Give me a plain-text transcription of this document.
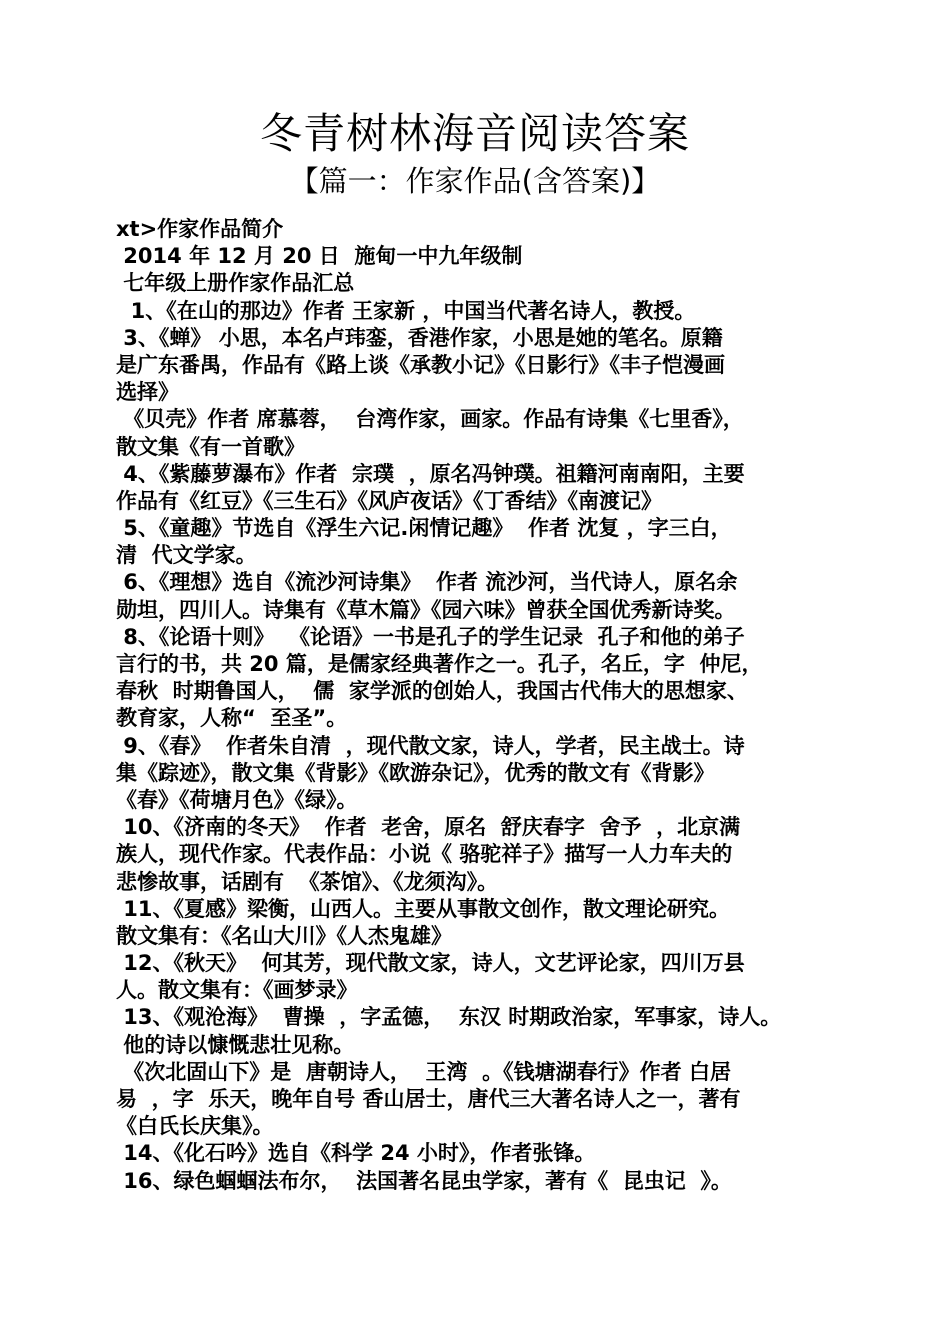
冬青树林海音阅读答案
【篇一：作家作品(含答案)】
xt>作家作品简介
2014 年 12 月 20 日  施甸一中九年级制
七年级上册作家作品汇总
1、《在山的那边》作者 王家新 ，中国当代著名诗人，教授。
3、《蝉》 小思，本名卢玮銮，香港作家，小思是她的笔名。原籍
是广东番禺，作品有《路上谈《承教小记》《日影行》《丰子恺漫画
选择》
《贝壳》作者 席慕蓉，  台湾作家，画家。作品有诗集《七里香》，
散文集《有一首歌》
4、《紫藤萝瀑布》作者  宗璞  ，原名冯钟璞。祖籍河南南阳，主要
作品有《红豆》《三生石》《风庐夜话》《丁香结》《南渡记》
5、《童趣》节选自《浮生六记.闲情记趣》  作者 沈复 ，字三白，
清  代文学家。
6、《理想》选自《流沙河诗集》  作者 流沙河，当代诗人，原名余
勋坦，四川人。诗集有《草木篇》《园六味》曾获全国优秀新诗奖。
8、《论语十则》  《论语》一书是孔子的学生记录  孔子和他的弟子
言行的书，共 20 篇，是儒家经典著作之一。孔子，名丘，字  仲尼，
春秋  时期鲁国人，  儒  家学派的创始人，我国古代伟大的思想家、
教育家，人称“  至圣”。
9、《春》  作者朱自清  ，现代散文家，诗人，学者，民主战士。诗
集《踪迹》，散文集《背影》《欧游杂记》，优秀的散文有《背影》
《春》《荷塘月色》《绿》。
10、《济南的冬天》  作者  老舍，原名  舒庆春字  舍予  ，北京满
族人，现代作家。代表作品：小说《 骆驼祥子》描写一人力车夫的
悲惨故事，话剧有  《茶馆》、《龙须沟》。
11、《夏感》梁衡，山西人。主要从事散文创作，散文理论研究。
散文集有：《名山大川》《人杰鬼雄》
12、《秋天》  何其芳，现代散文家，诗人，文艺评论家，四川万县
人。散文集有：《画梦录》
13、《观沧海》  曹操  ，字孟德，  东汉 时期政治家，军事家，诗人。
他的诗以慷慨悲壮见称。
《次北固山下》是  唐朝诗人，  王湾  。《钱塘湖春行》作者 白居
易  ，字  乐天，晚年自号 香山居士，唐代三大著名诗人之一，著有
《白氏长庆集》。
14、《化石吟》选自《科学 24 小时》，作者张锋。
16、绿色蝈蝈法布尔，  法国著名昆虫学家，著有《  昆虫记  》。
